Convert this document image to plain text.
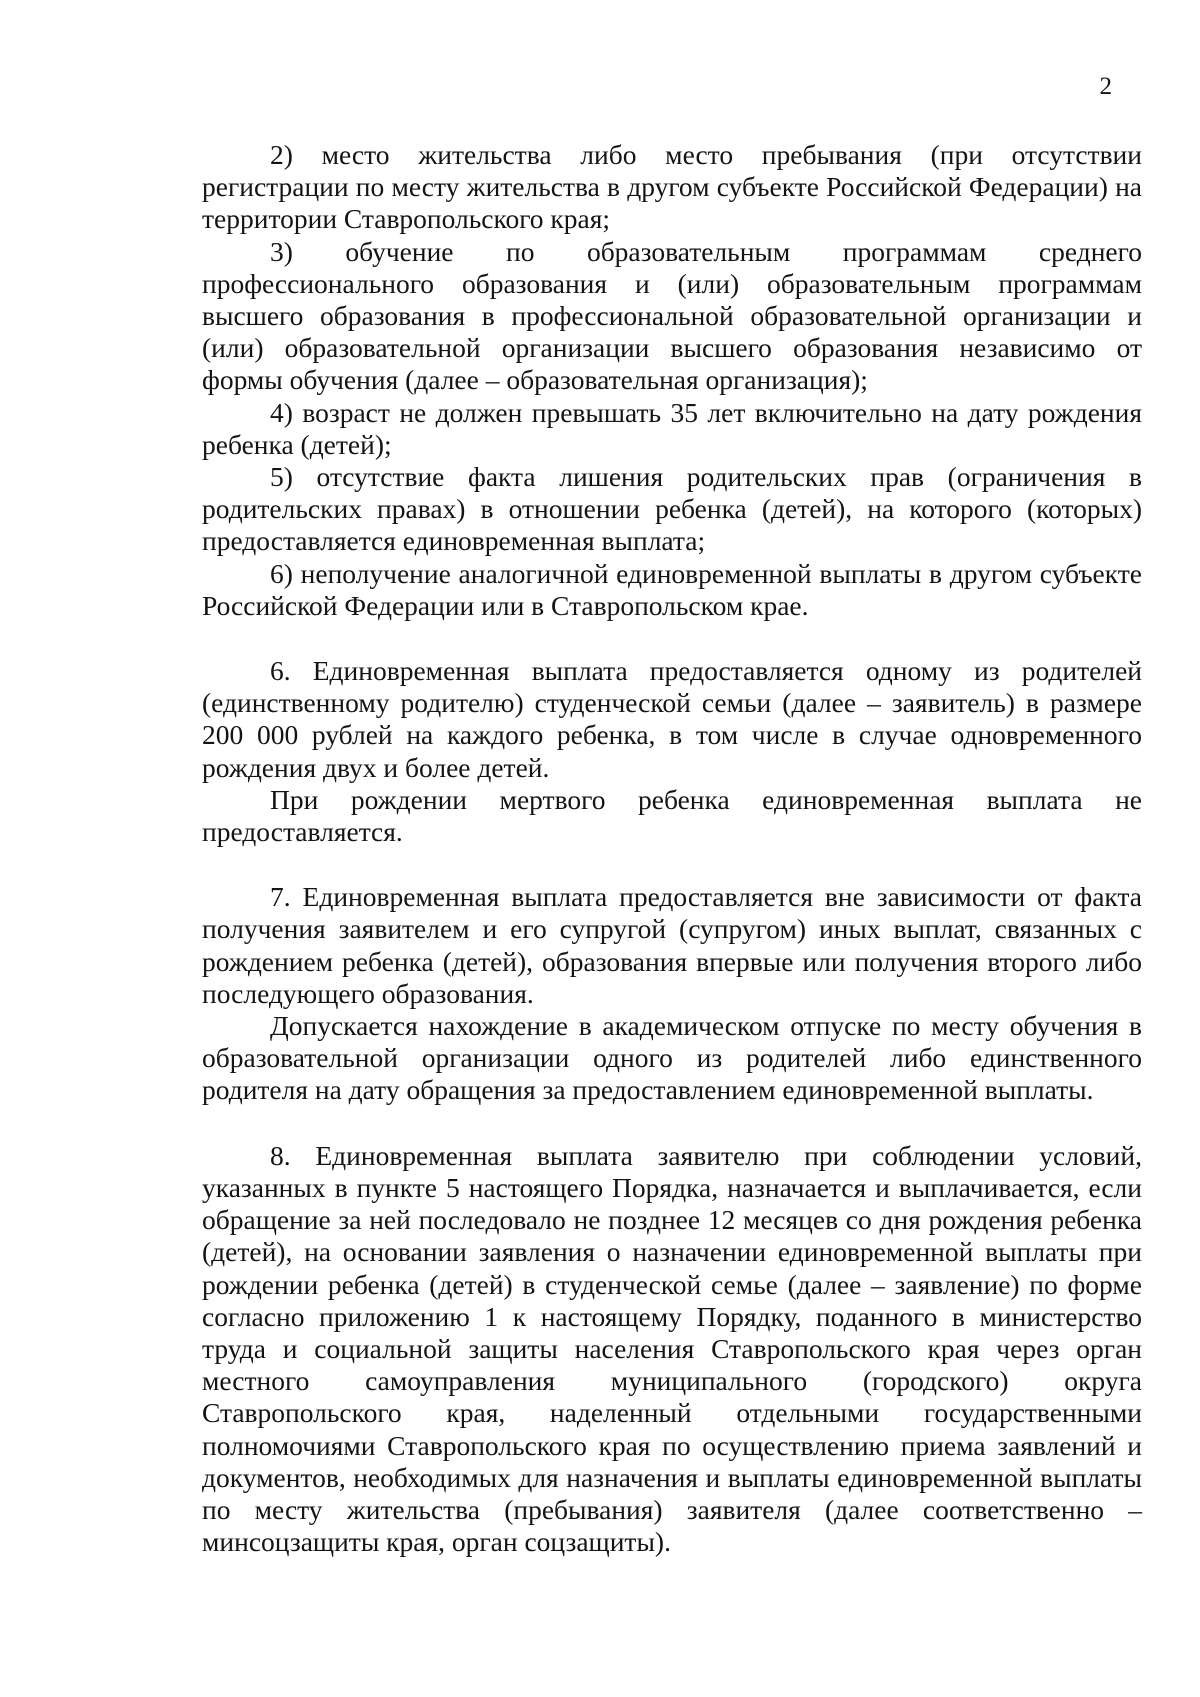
2

2) место жительства либо место пребывания (при отсутствии регистрации по месту жительства в другом субъекте Российской Федерации) на территории Ставропольского края;

3) обучение по образовательным программам среднего профессионального образования и (или) образовательным программам высшего образования в профессиональной образовательной организации и (или) образовательной организации высшего образования независимо от формы обучения (далее – образовательная организация);

4) возраст не должен превышать 35 лет включительно на дату рождения ребенка (детей);

5) отсутствие факта лишения родительских прав (ограничения в родительских правах) в отношении ребенка (детей), на которого (которых) предоставляется единовременная выплата;

6) неполучение аналогичной единовременной выплаты в другом субъекте Российской Федерации или в Ставропольском крае.

6. Единовременная выплата предоставляется одному из родителей (единственному родителю) студенческой семьи (далее – заявитель) в размере 200 000 рублей на каждого ребенка, в том числе в случае одновременного рождения двух и более детей.

При рождении мертвого ребенка единовременная выплата не предоставляется.

7. Единовременная выплата предоставляется вне зависимости от факта получения заявителем и его супругой (супругом) иных выплат, связанных с рождением ребенка (детей), образования впервые или получения второго либо последующего образования.

Допускается нахождение в академическом отпуске по месту обучения в образовательной организации одного из родителей либо единственного родителя на дату обращения за предоставлением единовременной выплаты.

8. Единовременная выплата заявителю при соблюдении условий, указанных в пункте 5 настоящего Порядка, назначается и выплачивается, если обращение за ней последовало не позднее 12 месяцев со дня рождения ребенка (детей), на основании заявления о назначении единовременной выплаты при рождении ребенка (детей) в студенческой семье (далее – заявление) по форме согласно приложению 1 к настоящему Порядку, поданного в министерство труда и социальной защиты населения Ставропольского края через орган местного самоуправления муниципального (городского) округа Ставропольского края, наделенный отдельными государственными полномочиями Ставропольского края по осуществлению приема заявлений и документов, необходимых для назначения и выплаты единовременной выплаты по месту жительства (пребывания) заявителя (далее соответственно – минсоцзащиты края, орган соцзащиты).
